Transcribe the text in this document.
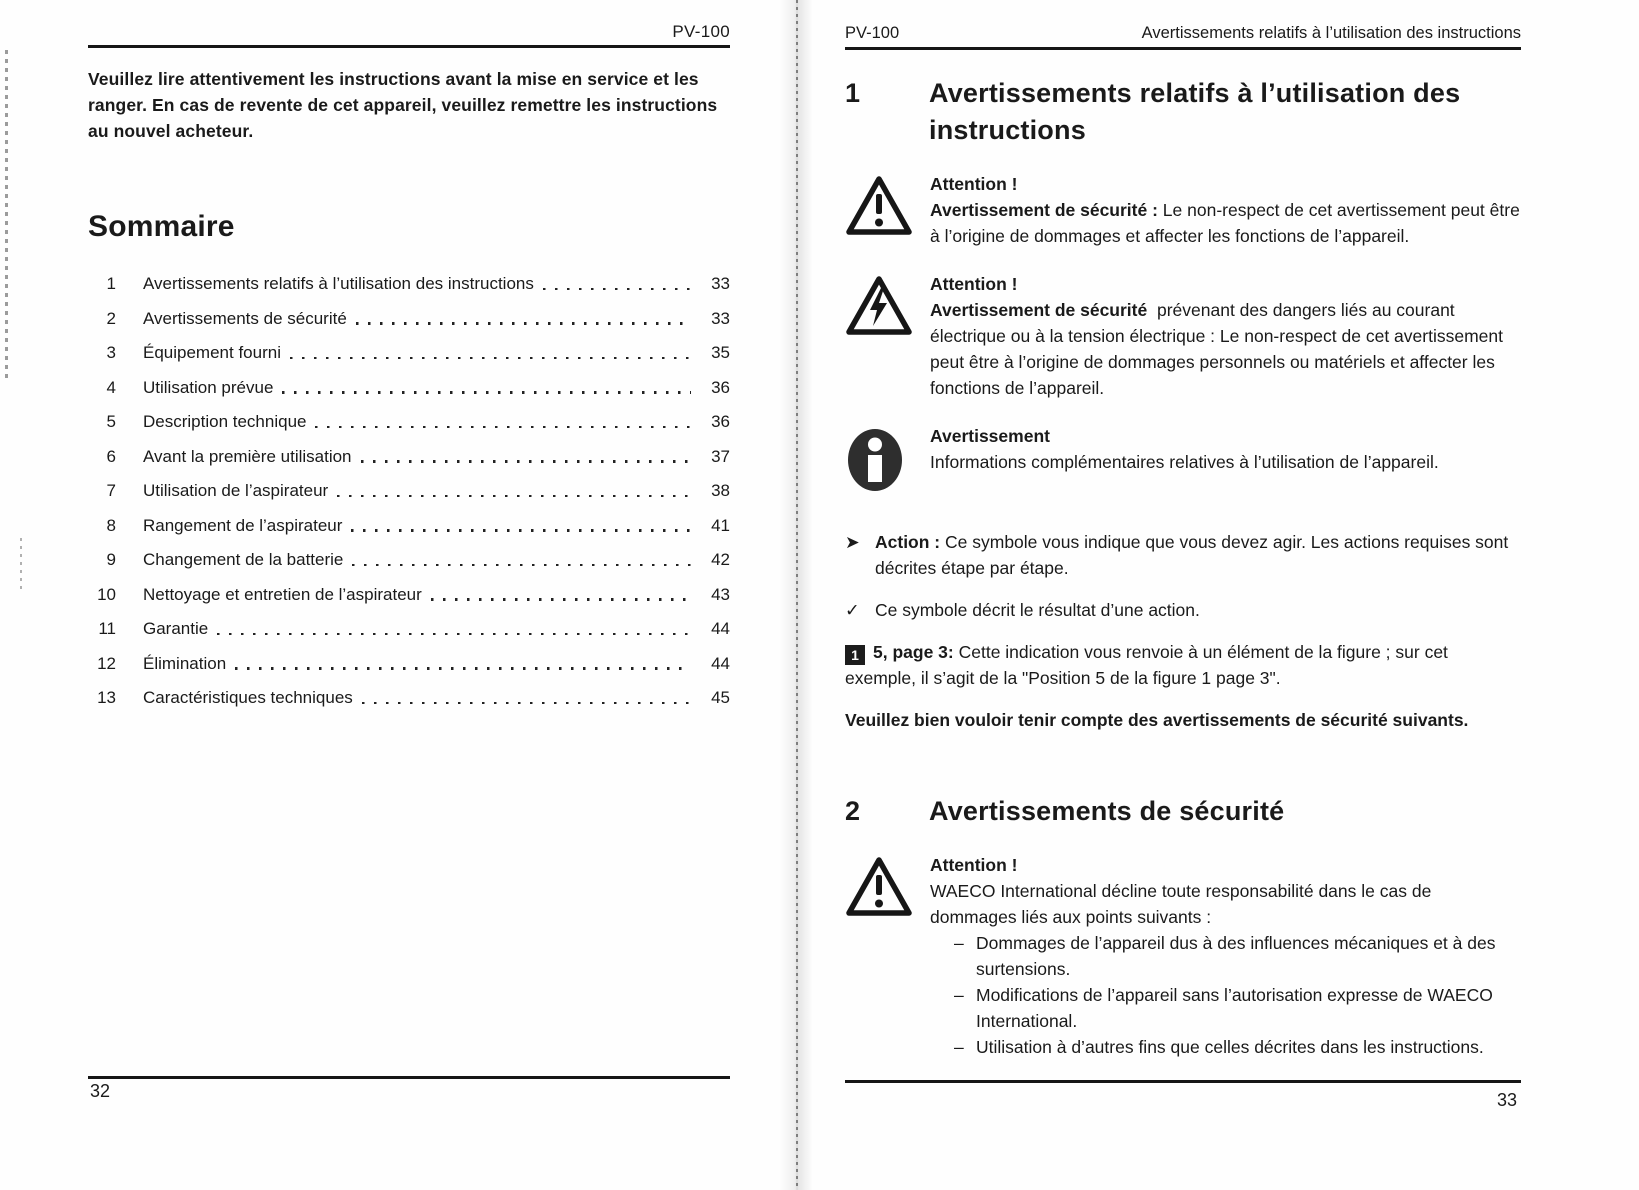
PV-100

Veuillez lire attentivement les instructions avant la mise en service et les ranger. En cas de revente de cet appareil, veuillez remettre les instructions au nouvel acheteur.

Sommaire
1 Avertissements relatifs à l’utilisation des instructions	33
2 Avertissements de sécurité	33
3 Équipement fourni	35
4 Utilisation prévue	36
5 Description technique	36
6 Avant la première utilisation	37
7 Utilisation de l’aspirateur	38
8 Rangement de l’aspirateur	41
9 Changement de la batterie	42
10 Nettoyage et entretien de l’aspirateur	43
11 Garantie	44
12 Élimination	44
13 Caractéristiques techniques	45
32
PV-100	Avertissements relatifs à l’utilisation des instructions
1	Avertissements relatifs à l’utilisation des instructions
Attention !

Avertissement de sécurité : Le non-respect de cet avertissement peut être à l’origine de dommages et affecter les fonctions de l’appareil.

Attention !

Avertissement de sécurité prévenant des dangers liés au courant électrique ou à la tension électrique : Le non-respect de cet avertissement peut être à l’origine de dommages personnels ou matériels et affecter les fonctions de l’appareil.

Avertissement

Informations complémentaires relatives à l’utilisation de l’appareil.

➤ Action : Ce symbole vous indique que vous devez agir. Les actions requises sont décrites étape par étape.
✓ Ce symbole décrit le résultat d’une action.

1 5, page 3: Cette indication vous renvoie à un élément de la figure ; sur cet exemple, il s’agit de la "Position 5 de la figure 1 page 3".

Veuillez bien vouloir tenir compte des avertissements de sécurité suivants.

2	Avertissements de sécurité
Attention !

WAECO International décline toute responsabilité dans le cas de dommages liés aux points suivants :

– Dommages de l’appareil dus à des influences mécaniques et à des surtensions.
– Modifications de l’appareil sans l’autorisation expresse de WAECO International.
– Utilisation à d’autres fins que celles décrites dans les instructions.
33
